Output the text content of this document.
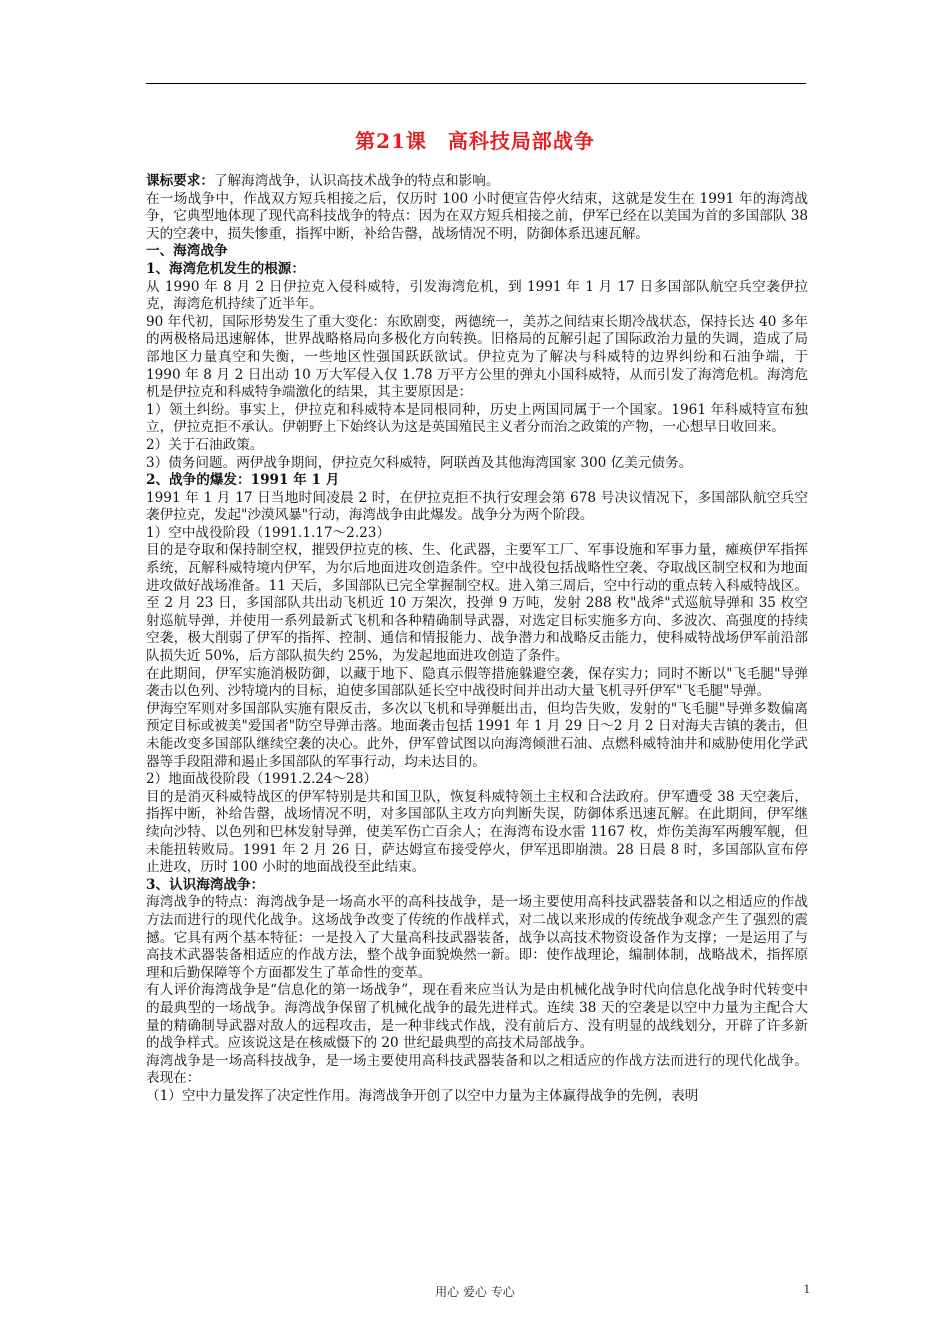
第21课　高科技局部战争

课标要求：了解海湾战争，认识高技术战争的特点和影响。

在一场战争中，作战双方短兵相接之后，仅历时 100 小时便宣告停火结束，这就是发生在 1991 年的海湾战争，它典型地体现了现代高科技战争的特点：因为在双方短兵相接之前，伊军已经在以美国为首的多国部队 38 天的空袭中，损失惨重，指挥中断，补给告罄，战场情况不明，防御体系迅速瓦解。

一、海湾战争

1、海湾危机发生的根源：

从 1990 年 8 月 2 日伊拉克入侵科威特，引发海湾危机，到 1991 年 1 月 17 日多国部队航空兵空袭伊拉克，海湾危机持续了近半年。

90 年代初，国际形势发生了重大变化：东欧剧变，两德统一，美苏之间结束长期冷战状态，保持长达 40 多年的两极格局迅速解体，世界战略格局向多极化方向转换。旧格局的瓦解引起了国际政治力量的失调，造成了局部地区力量真空和失衡，一些地区性强国跃跃欲试。伊拉克为了解决与科威特的边界纠纷和石油争端，于 1990 年 8 月 2 日出动 10 万大军侵入仅 1.78 万平方公里的弹丸小国科威特，从而引发了海湾危机。海湾危机是伊拉克和科威特争端激化的结果，其主要原因是：

1）领土纠纷。事实上，伊拉克和科威特本是同根同种，历史上两国同属于一个国家。1961 年科威特宣布独立，伊拉克拒不承认。伊朝野上下始终认为这是英国殖民主义者分而治之政策的产物，一心想早日收回来。

2）关于石油政策。

3）债务问题。两伊战争期间，伊拉克欠科威特，阿联酋及其他海湾国家 300 亿美元债务。

2、战争的爆发：1991 年 1 月

1991 年 1 月 17 日当地时间凌晨 2 时，在伊拉克拒不执行安理会第 678 号决议情况下，多国部队航空兵空袭伊拉克，发起"沙漠风暴"行动，海湾战争由此爆发。战争分为两个阶段。

1）空中战役阶段（1991.1.17～2.23）

目的是夺取和保持制空权，摧毁伊拉克的核、生、化武器，主要军工厂、军事设施和军事力量，瘫痪伊军指挥系统，瓦解科威特境内伊军，为尔后地面进攻创造条件。空中战役包括战略性空袭、夺取战区制空权和为地面进攻做好战场准备。11 天后，多国部队已完全掌握制空权。进入第三周后，空中行动的重点转入科威特战区。至 2 月 23 日，多国部队共出动飞机近 10 万架次，投弹 9 万吨，发射 288 枚"战斧"式巡航导弹和 35 枚空射巡航导弹，并使用一系列最新式飞机和各种精确制导武器，对选定目标实施多方向、多波次、高强度的持续空袭，极大削弱了伊军的指挥、控制、通信和情报能力、战争潜力和战略反击能力，使科威特战场伊军前沿部队损失近 50%，后方部队损失约 25%，为发起地面进攻创造了条件。

在此期间，伊军实施消极防御，以藏于地下、隐真示假等措施躲避空袭，保存实力；同时不断以"飞毛腿"导弹袭击以色列、沙特境内的目标，迫使多国部队延长空中战役时间并出动大量飞机寻歼伊军"飞毛腿"导弹。

伊海空军则对多国部队实施有限反击，多次以飞机和导弹艇出击，但均告失败，发射的"飞毛腿"导弹多数偏离预定目标或被美"爱国者"防空导弹击落。地面袭击包括 1991 年 1 月 29 日～2 月 2 日对海夫吉镇的袭击，但未能改变多国部队继续空袭的决心。此外，伊军曾试图以向海湾倾泄石油、点燃科威特油井和威胁使用化学武器等手段阻滞和遏止多国部队的军事行动，均未达目的。

2）地面战役阶段（1991.2.24～28）

目的是消灭科威特战区的伊军特别是共和国卫队，恢复科威特领土主权和合法政府。伊军遭受 38 天空袭后，指挥中断，补给告罄，战场情况不明，对多国部队主攻方向判断失误，防御体系迅速瓦解。在此期间，伊军继续向沙特、以色列和巴林发射导弹，使美军伤亡百余人；在海湾布设水雷 1167 枚，炸伤美海军两艘军舰，但未能扭转败局。1991 年 2 月 26 日，萨达姆宣布接受停火，伊军迅即崩溃。28 日晨 8 时，多国部队宣布停止进攻，历时 100 小时的地面战役至此结束。

3、认识海湾战争：

海湾战争的特点：海湾战争是一场高水平的高科技战争，是一场主要使用高科技武器装备和以之相适应的作战方法而进行的现代化战争。这场战争改变了传统的作战样式，对二战以来形成的传统战争观念产生了强烈的震撼。它具有两个基本特征：一是投入了大量高科技武器装备，战争以高技术物资设备作为支撑；一是运用了与高技术武器装备相适应的作战方法，整个战争面貌焕然一新。即：使作战理论，编制体制，战略战术，指挥原理和后勤保障等个方面都发生了革命性的变革。

有人评价海湾战争是“信息化的第一场战争”，现在看来应当认为是由机械化战争时代向信息化战争时代转变中的最典型的一场战争。海湾战争保留了机械化战争的最先进样式。连续 38 天的空袭是以空中力量为主配合大量的精确制导武器对敌人的远程攻击，是一种非线式作战，没有前后方、没有明显的战线划分，开辟了许多新的战争样式。应该说这是在核威慑下的 20 世纪最典型的高技术局部战争。

海湾战争是一场高科技战争，是一场主要使用高科技武器装备和以之相适应的作战方法而进行的现代化战争。表现在：

（1）空中力量发挥了决定性作用。海湾战争开创了以空中力量为主体赢得战争的先例，表明

用心 爱心 专心	1
